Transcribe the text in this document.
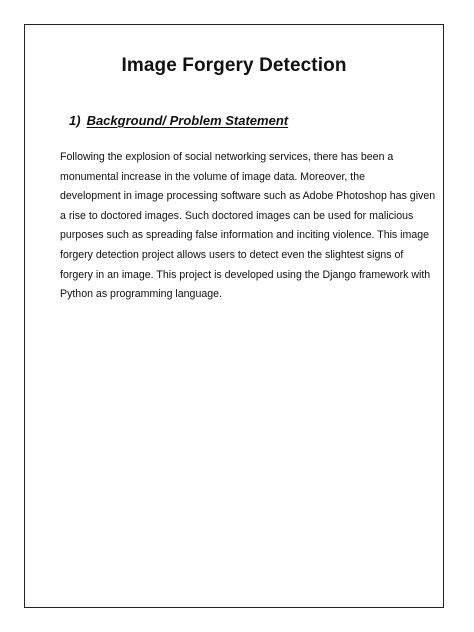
Image Forgery Detection
1) Background/ Problem Statement

Following the explosion of social networking services, there has been a
monumental increase in the volume of image data. Moreover, the
development in image processing software such as Adobe Photoshop has given
a rise to doctored images. Such doctored images can be used for malicious
purposes such as spreading false information and inciting violence. This image
forgery detection project allows users to detect even the slightest signs of
forgery in an image. This project is developed using the Django framework with
Python as programming language.
